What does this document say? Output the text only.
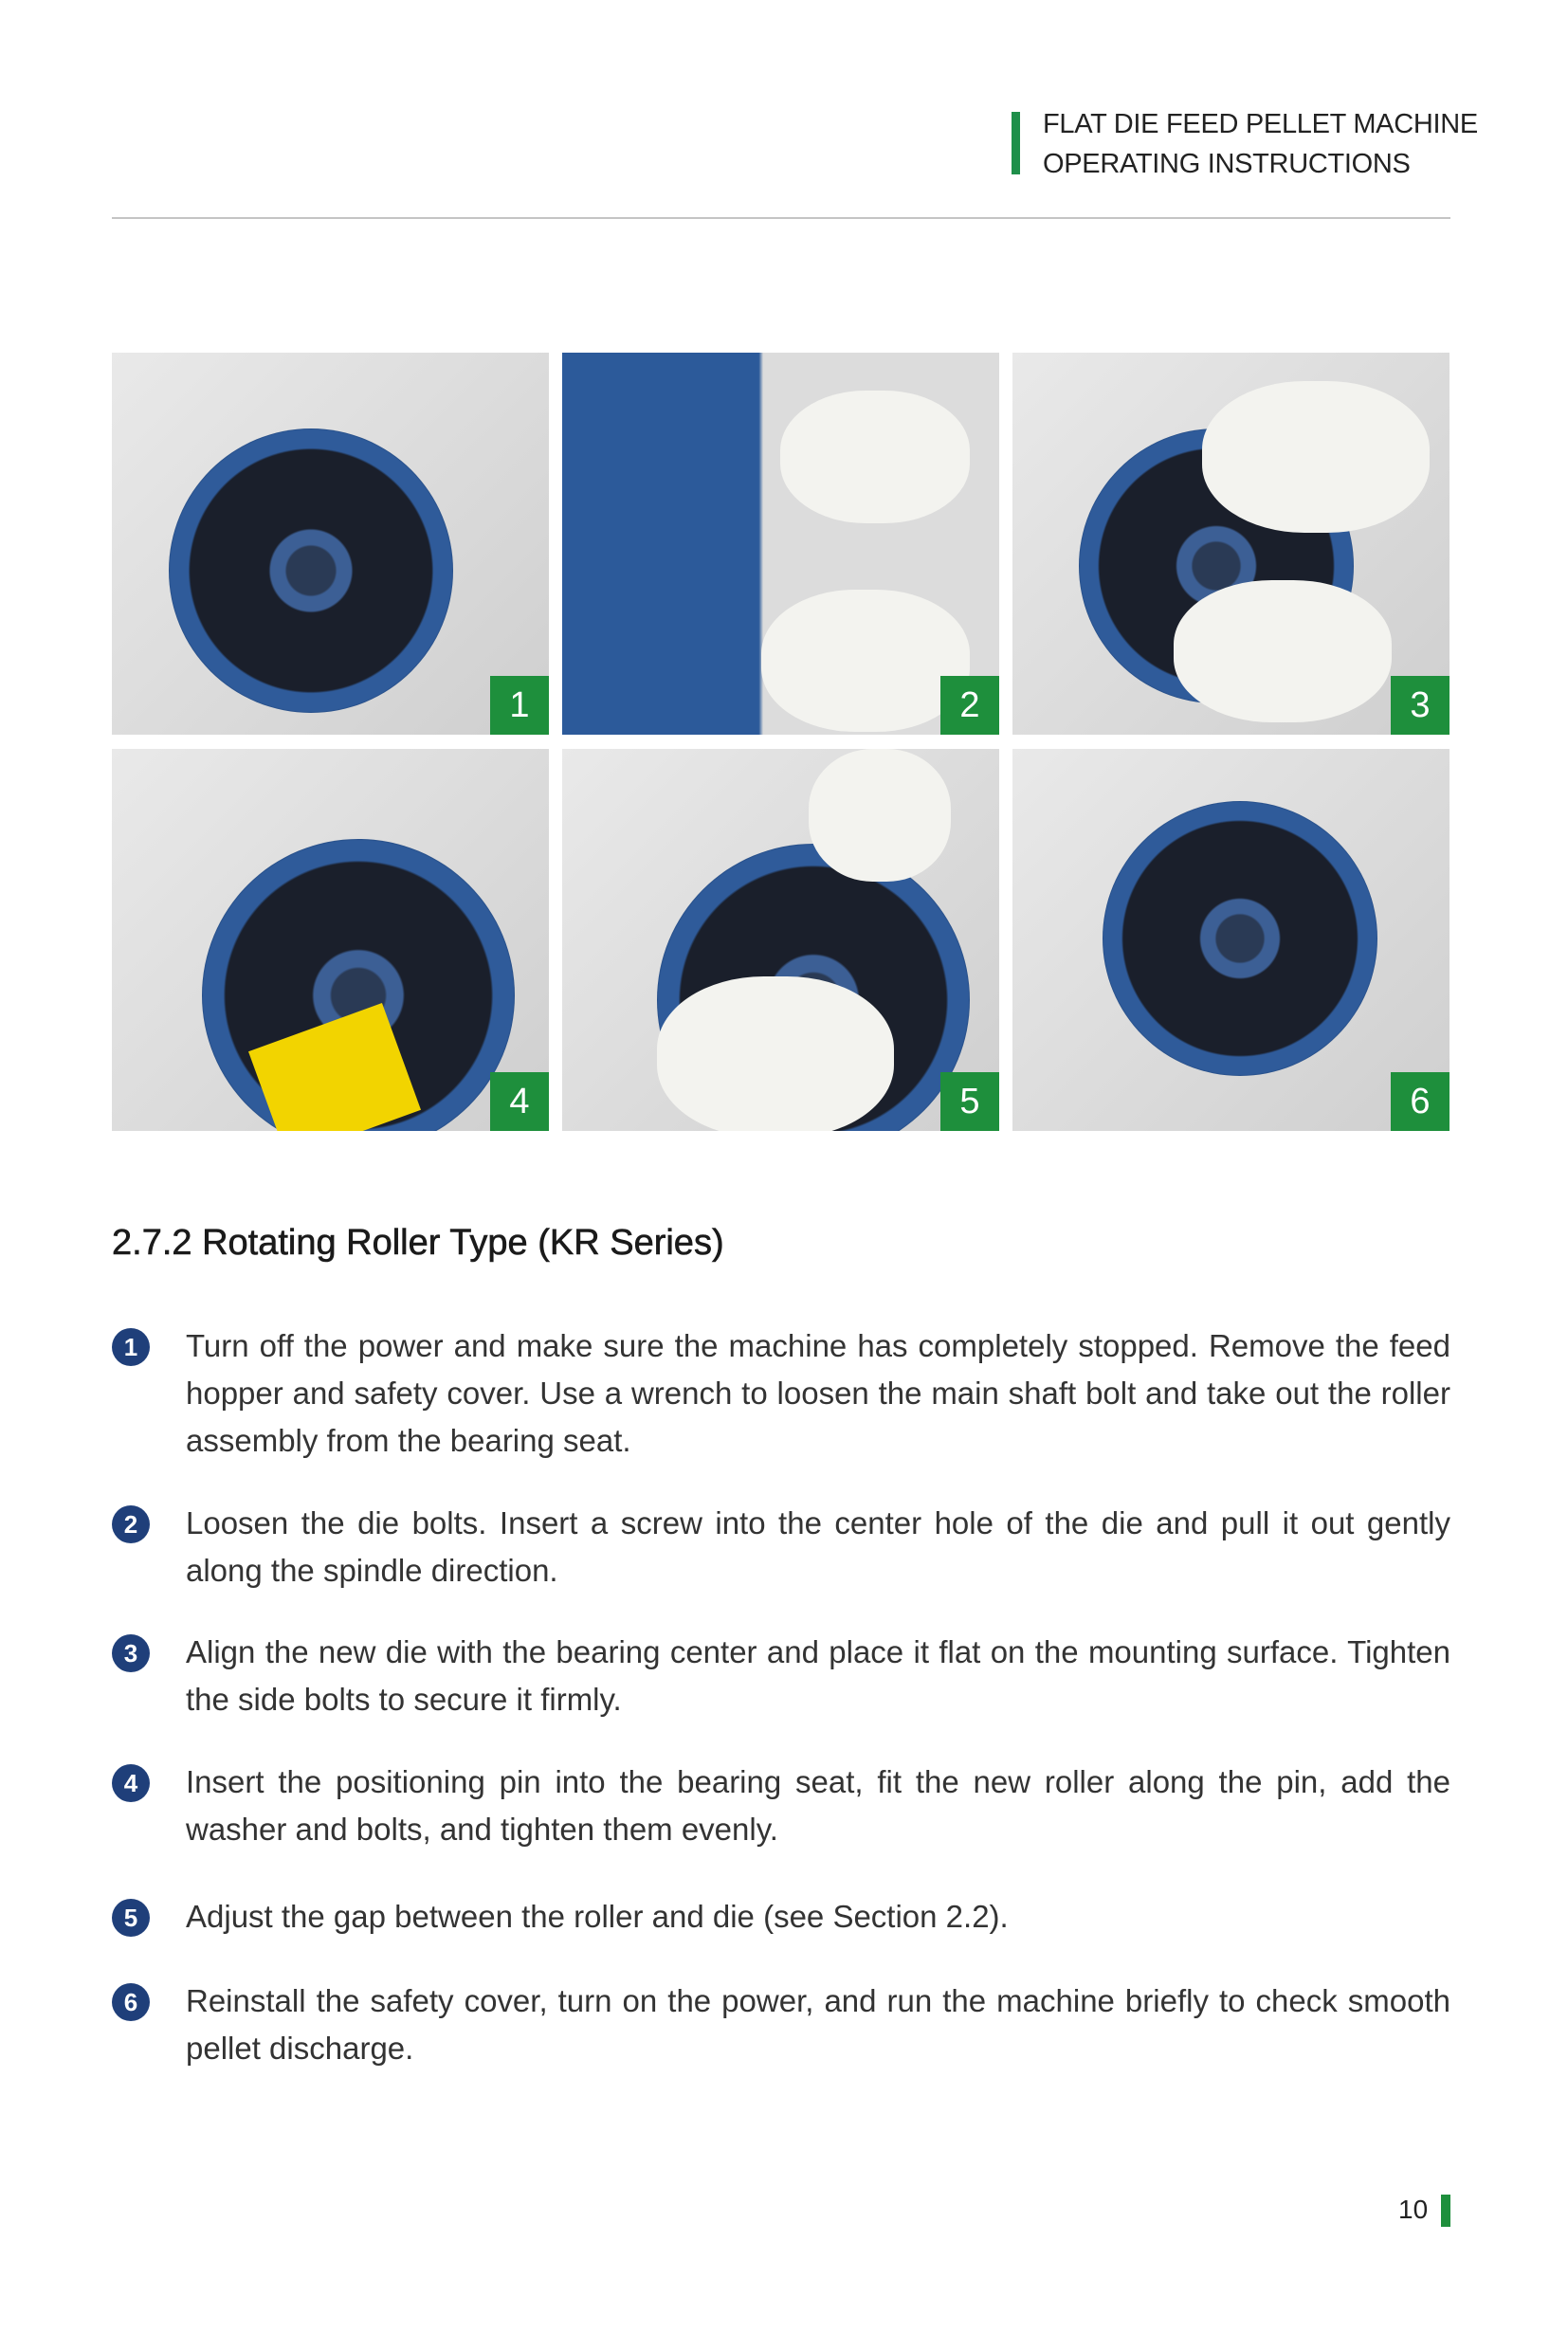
FLAT DIE FEED PELLET MACHINE
OPERATING INSTRUCTIONS
1	2	3
4	5	6
2.7.2 Rotating Roller Type (KR Series)
1	Turn off the power and make sure the machine has completely stopped. Remove the feed hopper and safety cover. Use a wrench to loosen the main shaft bolt and take out the roller assembly from the bearing seat.
2	Loosen the die bolts. Insert a screw into the center hole of the die and pull it out gently along the spindle direction.
3	Align the new die with the bearing center and place it flat on the mounting surface. Tighten the side bolts to secure it firmly.
4	Insert the positioning pin into the bearing seat, fit the new roller along the pin, add the washer and bolts, and tighten them evenly.
5	Adjust the gap between the roller and die (see Section 2.2).
6	Reinstall the safety cover, turn on the power, and run the machine briefly to check smooth pellet discharge.
10
